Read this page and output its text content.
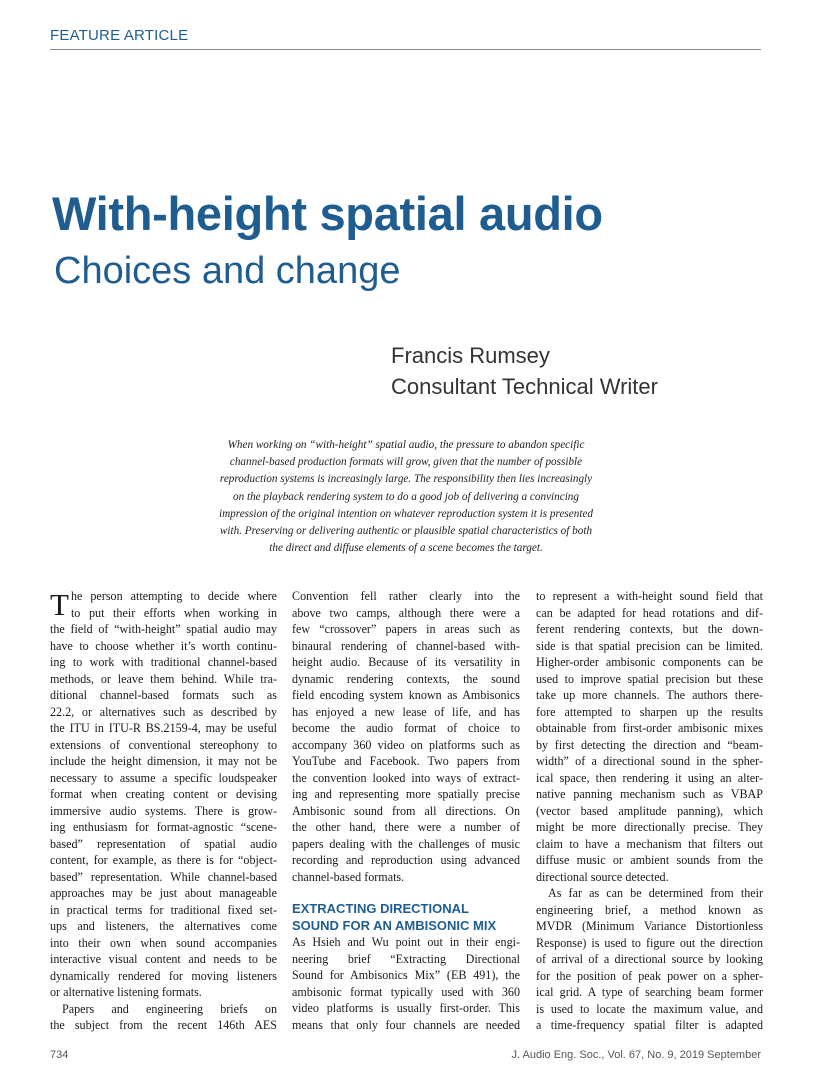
FEATURE ARTICLE
With-height spatial audio
Choices and change
Francis Rumsey
Consultant Technical Writer
When working on “with-height” spatial audio, the pressure to abandon specific
channel-based production formats will grow, given that the number of possible
reproduction systems is increasingly large. The responsibility then lies increasingly
on the playback rendering system to do a good job of delivering a convincing
impression of the original intention on whatever reproduction system it is presented
with. Preserving or delivering authentic or plausible spatial characteristics of both
the direct and diffuse elements of a scene becomes the target.
T he person attempting to decide where
to put their efforts when working in
the field of “with-height” spatial audio may
have to choose whether it’s worth continu-
ing to work with traditional channel-based
methods, or leave them behind. While tra-
ditional channel-based formats such as
22.2, or alternatives such as described by
the ITU in ITU-R BS.2159-4, may be useful
extensions of conventional stereophony to
include the height dimension, it may not be
necessary to assume a specific loudspeaker
format when creating content or devising
immersive audio systems. There is grow-
ing enthusiasm for format-agnostic “scene-
based” representation of spatial audio
content, for example, as there is for “object-
based” representation. While channel-based
approaches may be just about manageable
in practical terms for traditional fixed set-
ups and listeners, the alternatives come
into their own when sound accompanies
interactive visual content and needs to be
dynamically rendered for moving listeners
or alternative listening formats.
Papers and engineering briefs on
the subject from the recent 146th AES
Convention fell rather clearly into the
above two camps, although there were a
few “crossover” papers in areas such as
binaural rendering of channel-based with-
height audio. Because of its versatility in
dynamic rendering contexts, the sound
field encoding system known as Ambisonics
has enjoyed a new lease of life, and has
become the audio format of choice to
accompany 360 video on platforms such as
YouTube and Facebook. Two papers from
the convention looked into ways of extract-
ing and representing more spatially precise
Ambisonic sound from all directions. On
the other hand, there were a number of
papers dealing with the challenges of music
recording and reproduction using advanced
channel-based formats.
EXTRACTING DIRECTIONAL
SOUND FOR AN AMBISONIC MIX
As Hsieh and Wu point out in their engi-
neering brief “Extracting Directional
Sound for Ambisonics Mix” (EB 491), the
ambisonic format typically used with 360
video platforms is usually first-order. This
means that only four channels are needed
to represent a with-height sound field that
can be adapted for head rotations and dif-
ferent rendering contexts, but the down-
side is that spatial precision can be limited.
Higher-order ambisonic components can be
used to improve spatial precision but these
take up more channels. The authors there-
fore attempted to sharpen up the results
obtainable from first-order ambisonic mixes
by first detecting the direction and “beam-
width” of a directional sound in the spher-
ical space, then rendering it using an alter-
native panning mechanism such as VBAP
(vector based amplitude panning), which
might be more directionally precise. They
claim to have a mechanism that filters out
diffuse music or ambient sounds from the
directional source detected.
As far as can be determined from their
engineering brief, a method known as
MVDR (Minimum Variance Distortionless
Response) is used to figure out the direction
of arrival of a directional source by looking
for the position of peak power on a spher-
ical grid. A type of searching beam former
is used to locate the maximum value, and
a time-frequency spatial filter is adapted
734	J. Audio Eng. Soc., Vol. 67, No. 9, 2019 September
